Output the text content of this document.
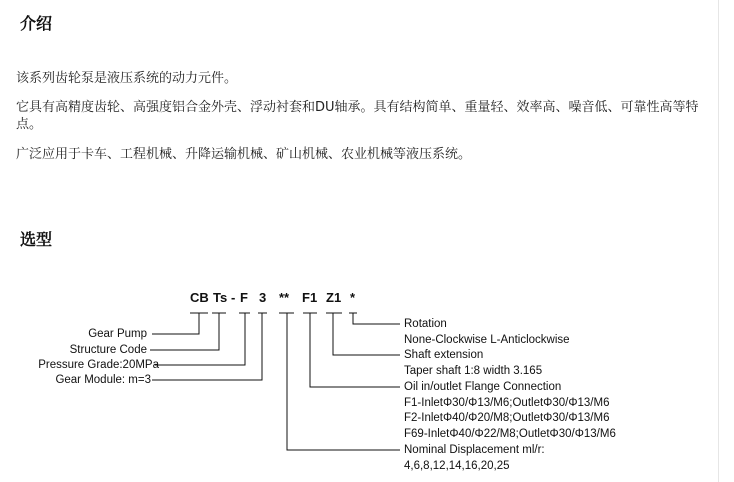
介绍

该系列齿轮泵是液压系统的动力元件。

它具有高精度齿轮、高强度铝合金外壳、浮动衬套和DU轴承。具有结构简单、重量轻、效率高、噪音低、可靠性高等特点。

广泛应用于卡车、工程机械、升降运输机械、矿山机械、农业机械等液压系统。

选型
CB Ts - F 3 ** F1 Z1 *
Gear Pump
Structure Code
Pressure Grade:20MPa
Gear Module: m=3
Rotation
None-Clockwise L-Anticlockwise
Shaft extension
Taper shaft 1:8 width 3.165
Oil in/outlet Flange Connection
F1-InletΦ30/Φ13/M6;OutletΦ30/Φ13/M6
F2-InletΦ40/Φ20/M8;OutletΦ30/Φ13/M6
F69-InletΦ40/Φ22/M8;OutletΦ30/Φ13/M6
Nominal Displacement ml/r:
4,6,8,12,14,16,20,25
